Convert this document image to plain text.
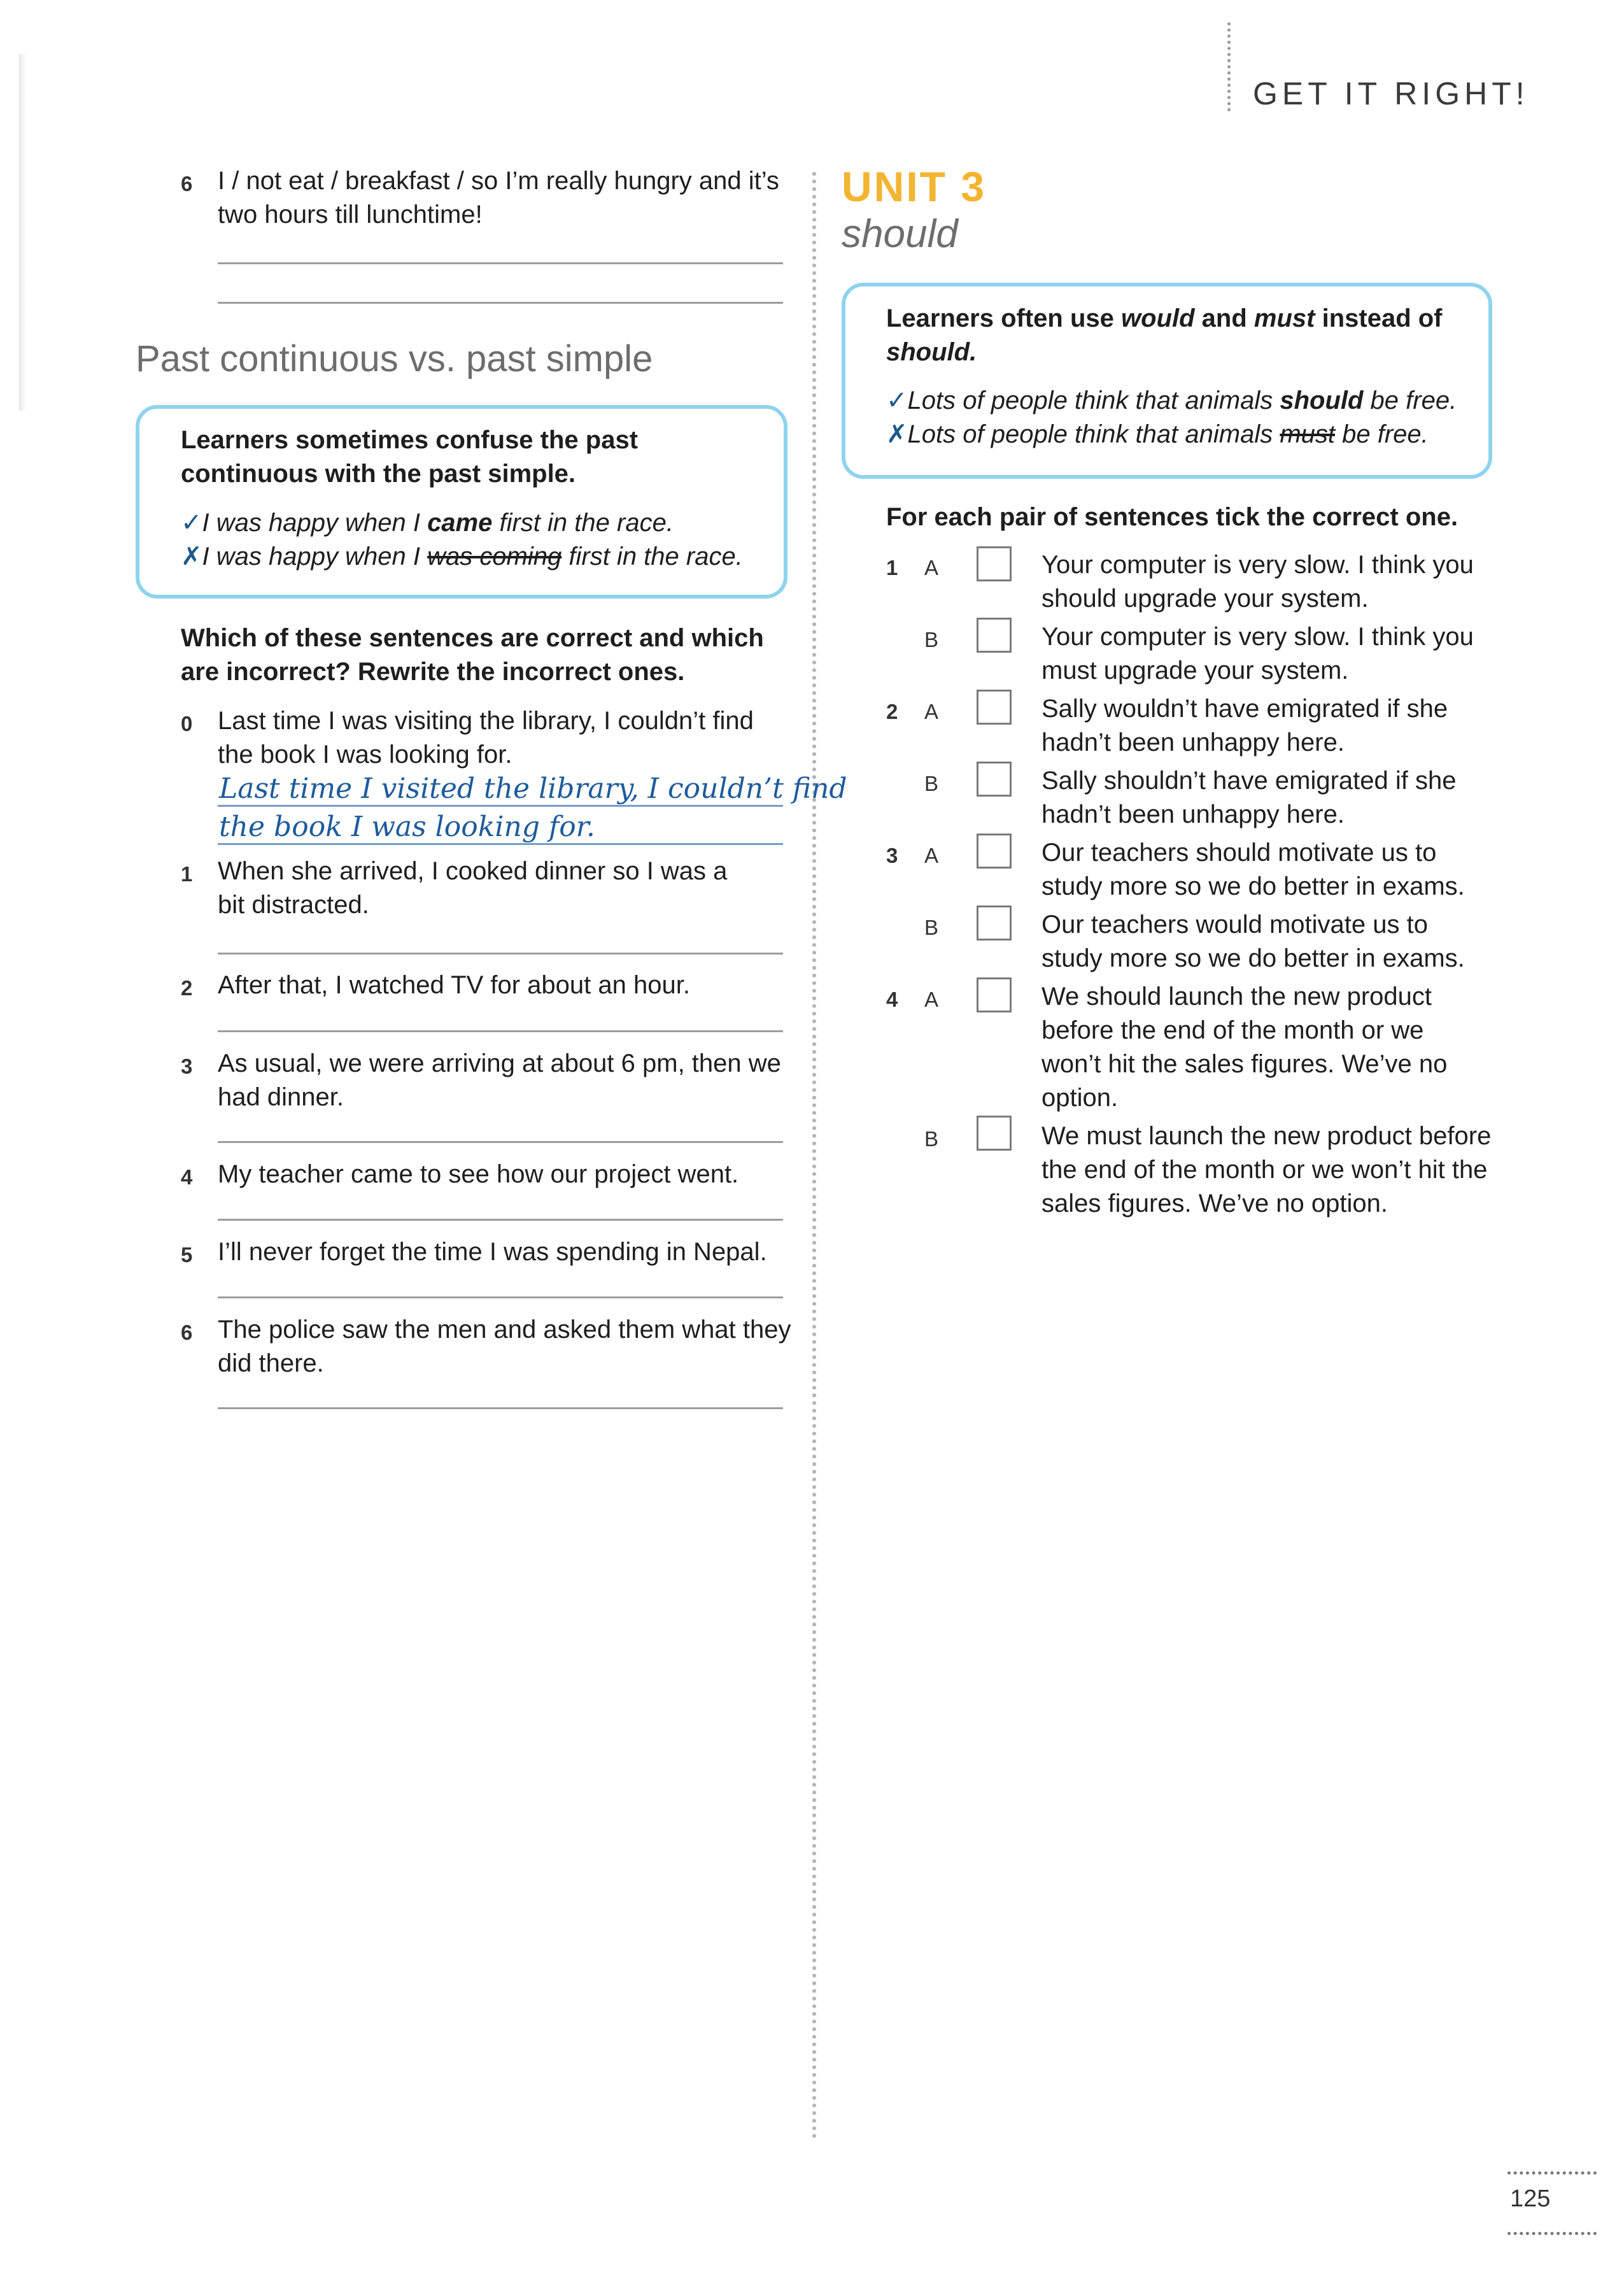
GET IT RIGHT!
125
6 I / not eat / breakfast / so I’m really hungry and it’s
two hours till lunchtime!
Past continuous vs. past simple
Learners sometimes confuse the past
continuous with the past simple.
✓I was happy when I came first in the race.
✗I was happy when I was coming first in the race.
Which of these sentences are correct and which
are incorrect? Rewrite the incorrect ones.
0 Last time I was visiting the library, I couldn’t find
the book I was looking for.
Last time I visited the library, I couldn’t find
the book I was looking for.
1 When she arrived, I cooked dinner so I was a
bit distracted.
2 After that, I watched TV for about an hour.
3 As usual, we were arriving at about 6 pm, then we
had dinner.
4 My teacher came to see how our project went.
5 I’ll never forget the time I was spending in Nepal.
6 The police saw the men and asked them what they
did there.
UNIT 3
should
Learners often use would and must instead of
should.
✓Lots of people think that animals should be free.
✗Lots of people think that animals must be free.
For each pair of sentences tick the correct one.
1 A	Your computer is very slow. I think you
should upgrade your system.
B	Your computer is very slow. I think you
must upgrade your system.
2 A	Sally wouldn’t have emigrated if she
hadn’t been unhappy here.
B	Sally shouldn’t have emigrated if she
hadn’t been unhappy here.
3 A	Our teachers should motivate us to
study more so we do better in exams.
B	Our teachers would motivate us to
study more so we do better in exams.
4 A	We should launch the new product
before the end of the month or we
won’t hit the sales figures. We’ve no
option.
B	We must launch the new product before
the end of the month or we won’t hit the
sales figures. We’ve no option.
